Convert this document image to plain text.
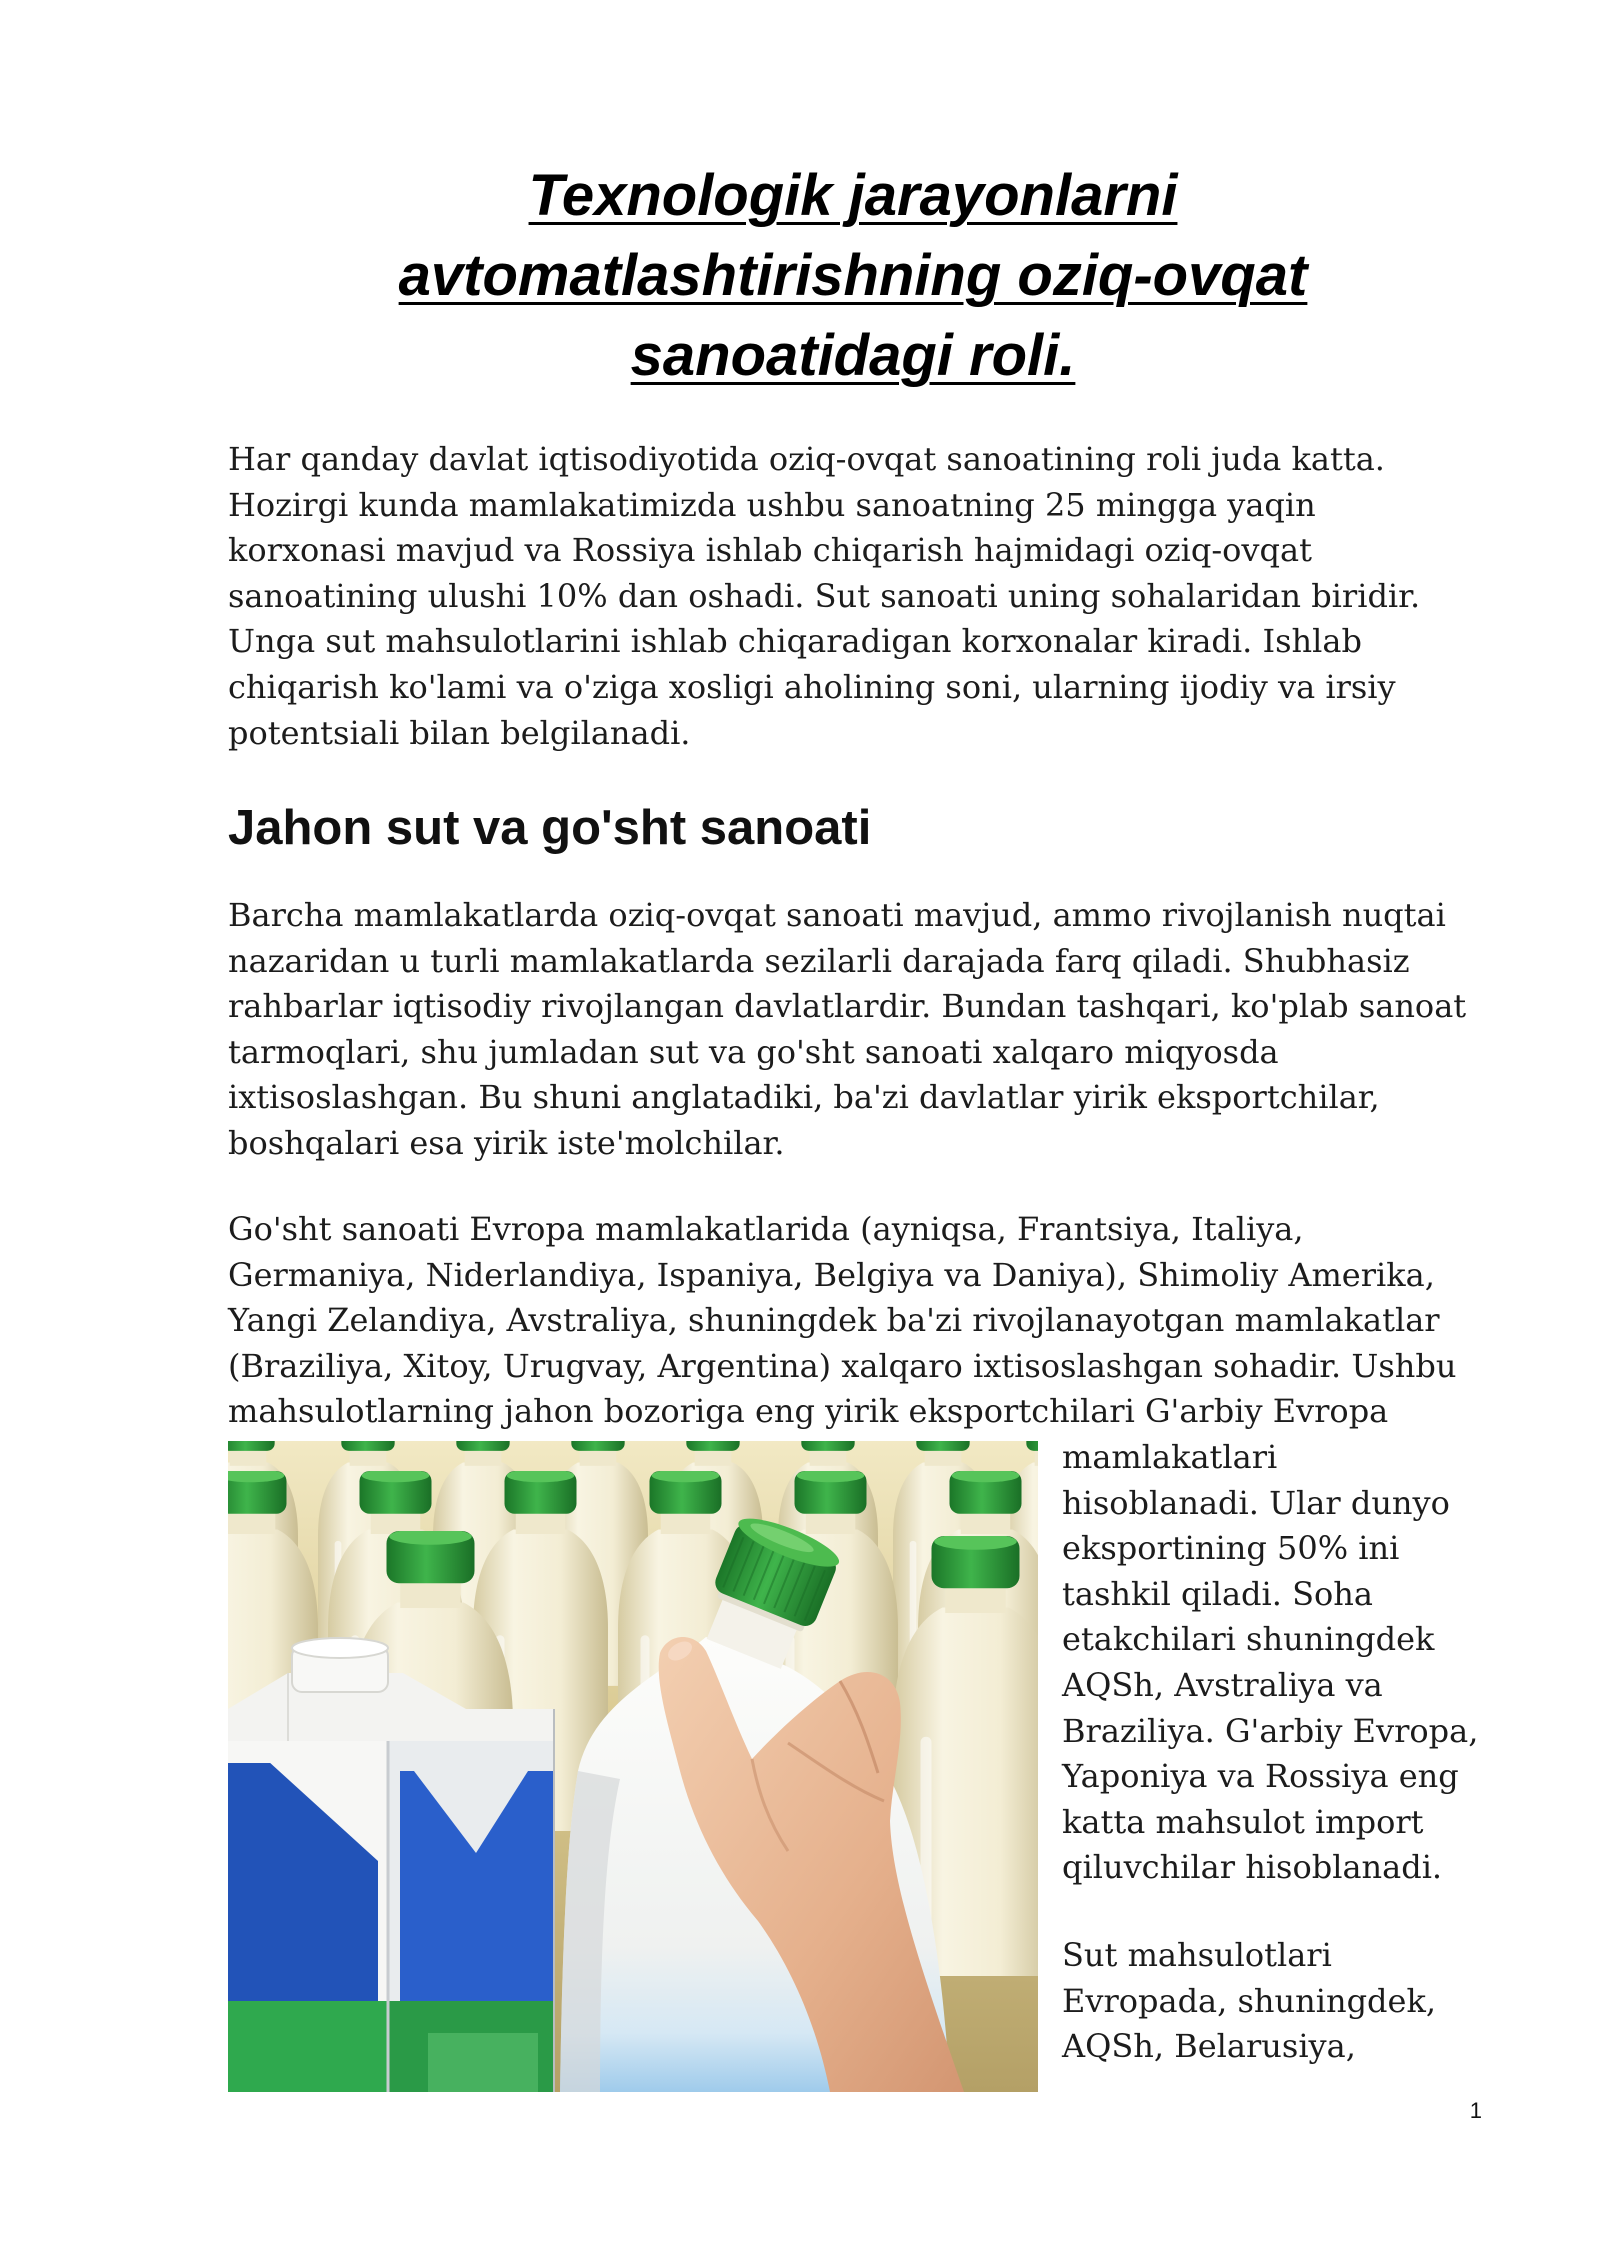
Texnologik jarayonlarni
avtomatlashtirishning oziq-ovqat
sanoatidagi roli.
Har qanday davlat iqtisodiyotida oziq-ovqat sanoatining roli juda katta.
Hozirgi kunda mamlakatimizda ushbu sanoatning 25 mingga yaqin
korxonasi mavjud va Rossiya ishlab chiqarish hajmidagi oziq-ovqat
sanoatining ulushi 10% dan oshadi. Sut sanoati uning sohalaridan biridir.
Unga sut mahsulotlarini ishlab chiqaradigan korxonalar kiradi. Ishlab
chiqarish ko'lami va o'ziga xosligi aholining soni, ularning ijodiy va irsiy
potentsiali bilan belgilanadi.
Jahon sut va go'sht sanoati
Barcha mamlakatlarda oziq-ovqat sanoati mavjud, ammo rivojlanish nuqtai
nazaridan u turli mamlakatlarda sezilarli darajada farq qiladi. Shubhasiz
rahbarlar iqtisodiy rivojlangan davlatlardir. Bundan tashqari, ko'plab sanoat
tarmoqlari, shu jumladan sut va go'sht sanoati xalqaro miqyosda
ixtisoslashgan. Bu shuni anglatadiki, ba'zi davlatlar yirik eksportchilar,
boshqalari esa yirik iste'molchilar.
Go'sht sanoati Evropa mamlakatlarida (ayniqsa, Frantsiya, Italiya,
Germaniya, Niderlandiya, Ispaniya, Belgiya va Daniya), Shimoliy Amerika,
Yangi Zelandiya, Avstraliya, shuningdek ba'zi rivojlanayotgan mamlakatlar
(Braziliya, Xitoy, Urugvay, Argentina) xalqaro ixtisoslashgan sohadir. Ushbu
mahsulotlarning jahon bozoriga eng yirik eksportchilari G'arbiy Evropa
mamlakatlari
hisoblanadi. Ular dunyo
eksportining 50% ini
tashkil qiladi. Soha
etakchilari shuningdek
AQSh, Avstraliya va
Braziliya. G'arbiy Evropa,
Yaponiya va Rossiya eng
katta mahsulot import
qiluvchilar hisoblanadi.
Sut mahsulotlari
Evropada, shuningdek,
AQSh, Belarusiya,
1
